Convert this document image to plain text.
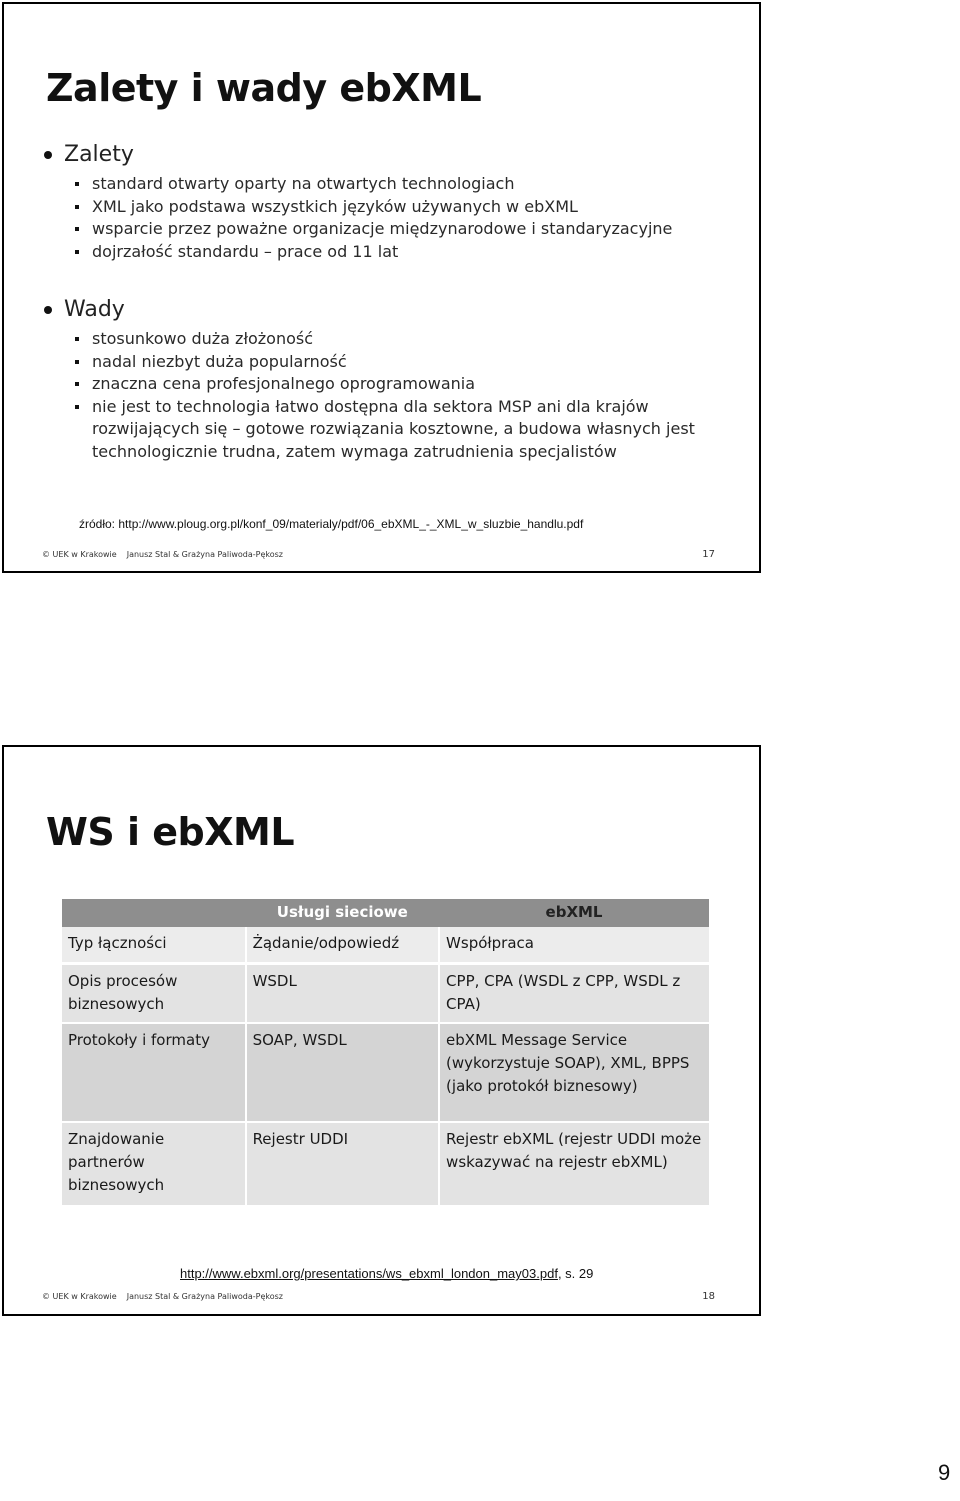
Zalety i wady ebXML
Zalety
standard otwarty oparty na otwartych technologiach
XML jako podstawa wszystkich języków używanych w ebXML
wsparcie przez poważne organizacje międzynarodowe i standaryzacyjne
dojrzałość standardu – prace od 11 lat
Wady
stosunkowo duża złożoność
nadal niezbyt duża popularność
znaczna cena profesjonalnego oprogramowania
nie jest to technologia łatwo dostępna dla sektora MSP ani dla krajów rozwijających się – gotowe rozwiązania kosztowne, a budowa własnych jest technologicznie trudna, zatem wymaga zatrudnienia specjalistów
źródło: http://www.ploug.org.pl/konf_09/materialy/pdf/06_ebXML_-_XML_w_sluzbie_handlu.pdf
© UEK w Krakowie Janusz Stal & Grażyna Paliwoda-Pękosz	17
WS i ebXML
	Usługi sieciowe	ebXML
Typ łączności	Żądanie/odpowiedź	Współpraca
Opis procesów biznesowych	WSDL	CPP, CPA (WSDL z CPP, WSDL z CPA)
Protokoły i formaty	SOAP, WSDL	ebXML Message Service (wykorzystuje SOAP), XML, BPPS (jako protokół biznesowy)
Znajdowanie partnerów biznesowych	Rejestr UDDI	Rejestr ebXML (rejestr UDDI może wskazywać na rejestr ebXML)
http://www.ebxml.org/presentations/ws_ebxml_london_may03.pdf, s. 29
© UEK w Krakowie Janusz Stal & Grażyna Paliwoda-Pękosz	18
9
